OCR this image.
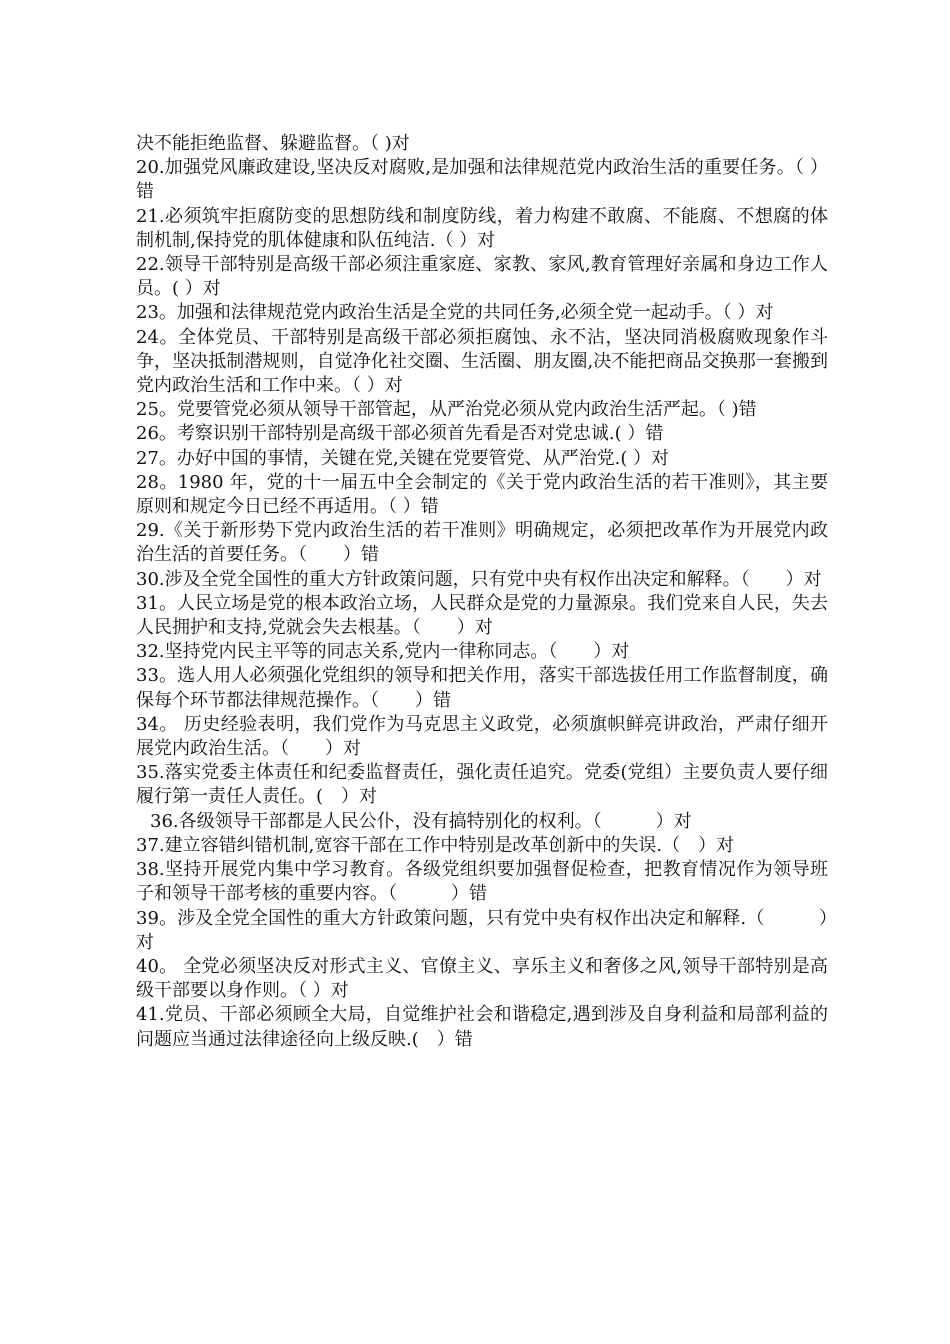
决不能拒绝监督、躲避监督。（ )对

20.加强党风廉政建设,坚决反对腐败,是加强和法律规范党内政治生活的重要任务。（ ）错

21.必须筑牢拒腐防变的思想防线和制度防线，着力构建不敢腐、不能腐、不想腐的体制机制,保持党的肌体健康和队伍纯洁.（ ）对

22.领导干部特别是高级干部必须注重家庭、家教、家风,教育管理好亲属和身边工作人员。( ）对

23。加强和法律规范党内政治生活是全党的共同任务,必须全党一起动手。（ ）对

24。全体党员、干部特别是高级干部必须拒腐蚀、永不沾，坚决同消极腐败现象作斗争，坚决抵制潜规则，自觉净化社交圈、生活圈、朋友圈,决不能把商品交换那一套搬到党内政治生活和工作中来。（ ）对

25。党要管党必须从领导干部管起，从严治党必须从党内政治生活严起。（ )错

26。考察识别干部特别是高级干部必须首先看是否对党忠诚.( ）错

27。办好中国的事情，关键在党,关键在党要管党、从严治党.( ）对

28。1980 年，党的十一届五中全会制定的《关于党内政治生活的若干准则》，其主要原则和规定今日已经不再适用。（ ）错

29.《关于新形势下党内政治生活的若干准则》明确规定，必须把改革作为开展党内政治生活的首要任务。（　　）错

30.涉及全党全国性的重大方针政策问题，只有党中央有权作出决定和解释。（　　）对

31。人民立场是党的根本政治立场，人民群众是党的力量源泉。我们党来自人民，失去人民拥护和支持,党就会失去根基。（　　）对

32.坚持党内民主平等的同志关系,党内一律称同志。（　　）对

33。选人用人必须强化党组织的领导和把关作用，落实干部选拔任用工作监督制度，确保每个环节都法律规范操作。（　　）错

34。 历史经验表明，我们党作为马克思主义政党，必须旗帜鲜亮讲政治，严肃仔细开展党内政治生活。（　　）对

35.落实党委主体责任和纪委监督责任，强化责任追究。党委(党组）主要负责人要仔细履行第一责任人责任。(　）对

36.各级领导干部都是人民公仆，没有搞特别化的权利。（　　　）对

37.建立容错纠错机制,宽容干部在工作中特别是改革创新中的失误.（　）对

38.坚持开展党内集中学习教育。各级党组织要加强督促检查，把教育情况作为领导班子和领导干部考核的重要内容。（　　　）错

39。涉及全党全国性的重大方针政策问题，只有党中央有权作出决定和解释.（　　　）对

40。 全党必须坚决反对形式主义、官僚主义、享乐主义和奢侈之风,领导干部特别是高级干部要以身作则。（ ）对

41.党员、干部必须顾全大局，自觉维护社会和谐稳定,遇到涉及自身利益和局部利益的问题应当通过法律途径向上级反映.(　）错
